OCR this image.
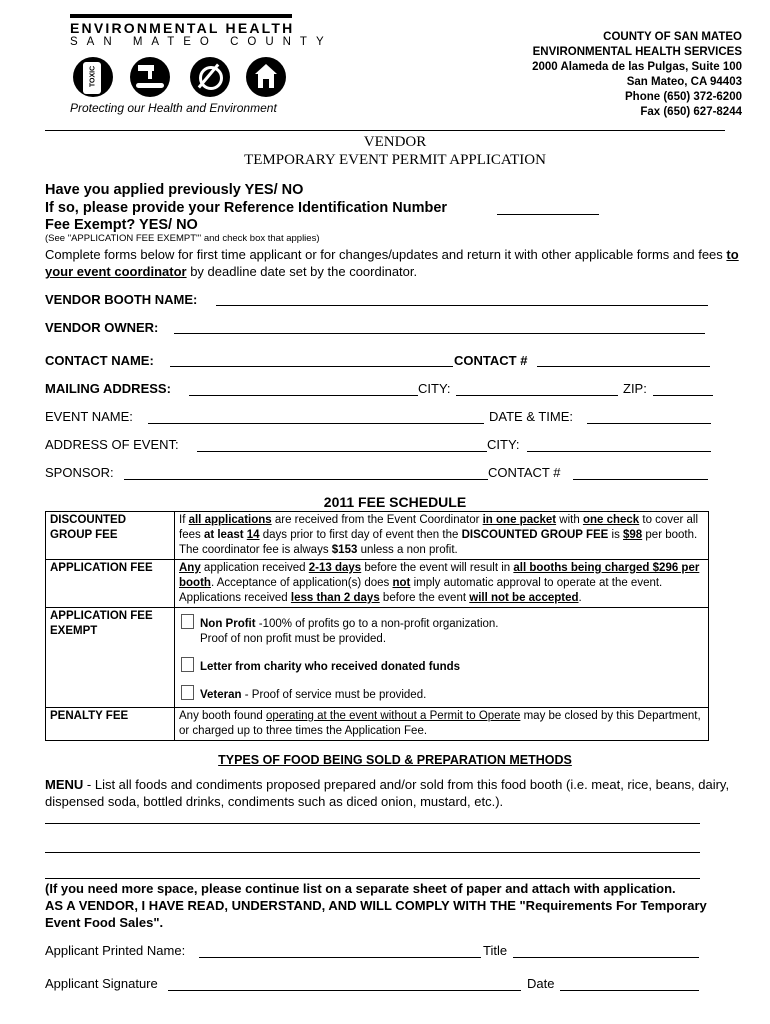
ENVIRONMENTAL HEALTH
SAN MATEO COUNTY
TOXIC
Protecting our Health and Environment
COUNTY OF SAN MATEO
ENVIRONMENTAL HEALTH SERVICES
2000 Alameda de las Pulgas, Suite 100
San Mateo, CA 94403
Phone (650) 372-6200
Fax (650) 627-8244
VENDOR
TEMPORARY EVENT PERMIT APPLICATION
Have you applied previously YES/ NO
If so, please provide your Reference Identification Number
Fee Exempt? YES/ NO
(See "APPLICATION FEE EXEMPT"' and check box that applies)
Complete forms below for first time applicant or for changes/updates and return it with other applicable forms and fees to your event coordinator by deadline date set by the coordinator.
VENDOR BOOTH NAME:
VENDOR OWNER:
CONTACT NAME:	CONTACT #
MAILING ADDRESS:	CITY:	ZIP:
EVENT NAME:	DATE & TIME:
ADDRESS OF EVENT:	CITY:
SPONSOR:	CONTACT #
2011 FEE SCHEDULE
DISCOUNTED GROUP FEE	If all applications are received from the Event Coordinator in one packet with one check to cover all fees at least 14 days prior to first day of event then the DISCOUNTED GROUP FEE is $98 per booth. The coordinator fee is always $153 unless a non profit.
APPLICATION FEE	Any application received 2-13 days before the event will result in all booths being charged $296 per booth. Acceptance of application(s) does not imply automatic approval to operate at the event. Applications received less than 2 days before the event will not be accepted.
APPLICATION FEE EXEMPT	Non Profit -100% of profits go to a non-profit organization.
Proof of non profit must be provided.
Letter from charity who received donated funds
Veteran - Proof of service must be provided.

PENALTY FEE	Any booth found operating at the event without a Permit to Operate may be closed by this Department, or charged up to three times the Application Fee.
TYPES OF FOOD BEING SOLD & PREPARATION METHODS
MENU - List all foods and condiments proposed prepared and/or sold from this food booth (i.e. meat, rice, beans, dairy, dispensed soda, bottled drinks, condiments such as diced onion, mustard, etc.).
(If you need more space, please continue list on a separate sheet of paper and attach with application.
AS A VENDOR, I HAVE READ, UNDERSTAND, AND WILL COMPLY WITH THE "Requirements For Temporary Event Food Sales".
Applicant Printed Name:	Title
Applicant Signature	Date
